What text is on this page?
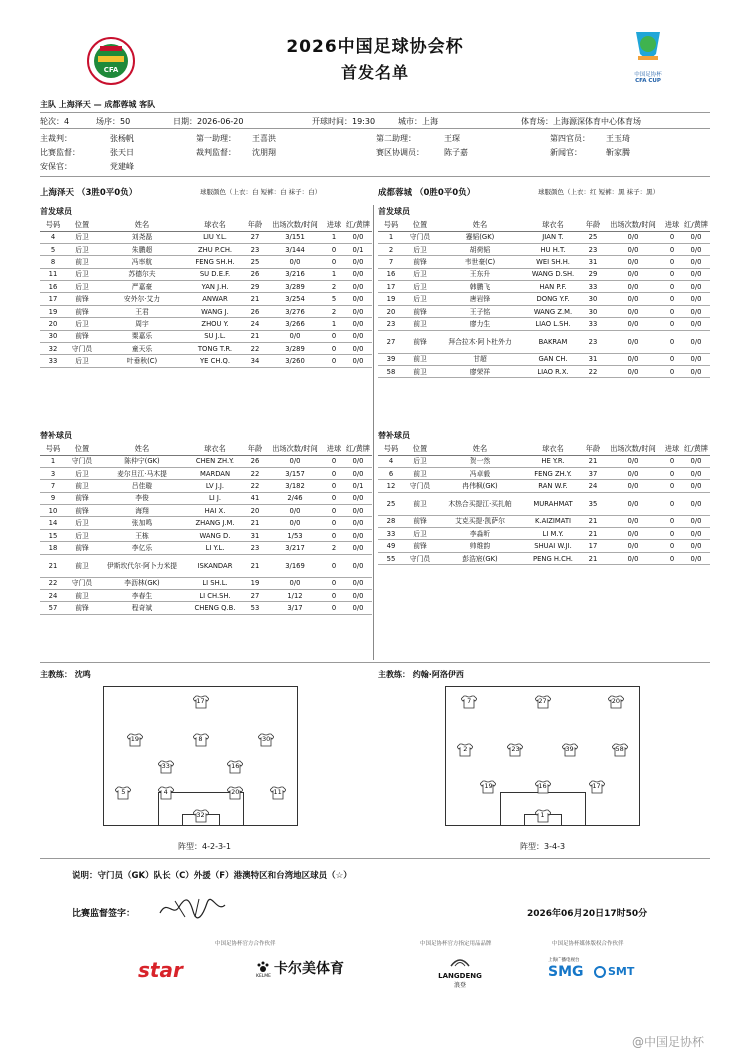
CFA
2026中国足球协会杯
首发名单	中国足协杯
CFA CUP
主队 上海泽天 — 成都蓉城 客队
轮次：4	场序：50	日期：2026-06-20	开球时间：19:30	城市：上海	体育场：上海源深体育中心体育场
主裁判：	张杨帆	第一助理： 王喜洪	第二助理：	王琛	第四官员： 王玉琦
比赛监督：	张天日	裁判监督： 沈朋翔	赛区协调员：	陈子嘉	新闻官：	靳家腾
安保官：	党建峰
上海泽天 （3胜0平0负）	球服颜色（上衣：白 短裤：白 袜子：白）	成都蓉城 （0胜0平0负）	球服颜色（上衣：红 短裤：黑 袜子：黑）
首发球员	首发球员
号码	位置	姓名	球衣名	年龄	出场次数/时间	进球	红/黄牌
4	后卫	刘尧磊	LIU Y.L.	27	3/151	1	0/0
5	后卫	朱鹏超	ZHU P.CH.	23	3/144	0	0/1
8	前卫	冯率航	FENG SH.H.	25	0/0	0	0/0
11	后卫	苏德尔夫	SU D.E.F.	26	3/216	1	0/0
16	后卫	严嘉豪	YAN J.H.	29	3/289	2	0/0
17	前锋	安外尔·艾力	ANWAR	21	3/254	5	0/0
19	前锋	王君	WANG J.	26	3/276	2	0/0
20	后卫	周宇	ZHOU Y.	24	3/266	1	0/0
30	前锋	粟嘉乐	SU J.L.	21	0/0	0	0/0
32	守门员	童天乐	TONG T.R.	22	3/289	0	0/0
33	后卫	叶垂秋(C)	YE CH.Q.	34	3/260	0	0/0
号码	位置	姓名	球衣名	年龄	出场次数/时间	进球	红/黄牌
1	守门员	蹇韬(GK)	JIAN T.	25	0/0	0	0/0
2	后卫	胡荷韬	HU H.T.	23	0/0	0	0/0
7	前锋	韦世豪(C)	WEI SH.H.	31	0/0	0	0/0
16	后卫	王东升	WANG D.SH.	29	0/0	0	0/0
17	后卫	韩鹏飞	HAN P.F.	33	0/0	0	0/0
19	后卫	唐岩锋	DONG Y.F.	30	0/0	0	0/0
20	前锋	王子铭	WANG Z.M.	30	0/0	0	0/0
23	前卫	廖力生	LIAO L.SH.	33	0/0	0	0/0
27	前锋	拜合拉木·阿卜杜外力	BAKRAM	23	0/0	0	0/0
39	前卫	甘超	GAN CH.	31	0/0	0	0/0
58	前卫	廖荣祥	LIAO R.X.	22	0/0	0	0/0
替补球员	替补球员
号码	位置	姓名	球衣名	年龄	出场次数/时间	进球	红/黄牌
1	守门员	陈仲宁(GK)	CHEN ZH.Y.	26	0/0	0	0/0
3	后卫	麦尔旦江·马木提	MARDAN	22	3/157	0	0/0
7	前卫	吕佳璇	LV J.J.	22	3/182	0	0/1
9	前锋	李俊	LI J.	41	2/46	0	0/0
10	前锋	海翔	HAI X.	20	0/0	0	0/0
14	后卫	张加鸣	ZHANG J.M.	21	0/0	0	0/0
15	后卫	王栋	WANG D.	31	1/53	0	0/0
18	前锋	李亿乐	LI Y.L.	23	3/217	2	0/0
21	前卫	伊斯坎代尔·阿卜力米提	ISKANDAR	21	3/169	0	0/0
22	守门员	李沥林(GK)	LI SH.L.	19	0/0	0	0/0
24	前卫	李春生	LI CH.SH.	27	1/12	0	0/0
57	前锋	程奇斌	CHENG Q.B.	53	3/17	0	0/0
号码	位置	姓名	球衣名	年龄	出场次数/时间	进球	红/黄牌
4	后卫	贺一然	HE Y.R.	21	0/0	0	0/0
6	前卫	冯卓毅	FENG ZH.Y.	37	0/0	0	0/0
12	守门员	冉伟枫(GK)	RAN W.F.	24	0/0	0	0/0
25	前卫	木热合买提江·买扎帕	MURAHMAT	35	0/0	0	0/0
28	前锋	艾克买提·凯萨尔	K.AIZIMATI	21	0/0	0	0/0
33	后卫	李淼昕	LI M.Y.	21	0/0	0	0/0
49	前锋	帅维韵	SHUAI W.JI.	17	0/0	0	0/0
55	守门员	彭浩宸(GK)	PENG H.CH.	21	0/0	0	0/0
主教练： 沈鸣	主教练： 约翰·阿洛伊西
17
19	8	30
33	16
5	4	20	11
32
阵型：4-2-3-1
7	27	20
2	23	39	58
19	16	17
1
阵型：3-4-3
说明：守门员（GK）队长（C）外援（F）港澳特区和台湾地区球员（☆）
比赛监督签字：	2026年06月20日17时50分
中国足协杯官方合作伙伴	中国足协杯官方指定用品品牌	中国足协杯媒体版权合作伙伴
star	卡尔美体育
KELME	LANGDENG
浪登
上海广播电视台
SMG SMT
@中国足协杯
